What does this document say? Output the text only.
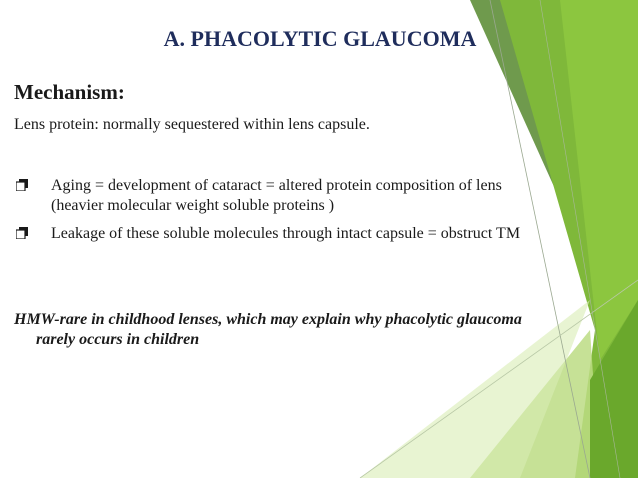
A. PHACOLYTIC GLAUCOMA
Mechanism:
Lens protein: normally sequestered within lens capsule.
Aging = development of cataract = altered protein composition of lens (heavier molecular weight soluble proteins )
Leakage of these soluble molecules through intact capsule = obstruct TM
HMW-rare in childhood lenses, which may explain why phacolytic glaucoma rarely occurs in children
